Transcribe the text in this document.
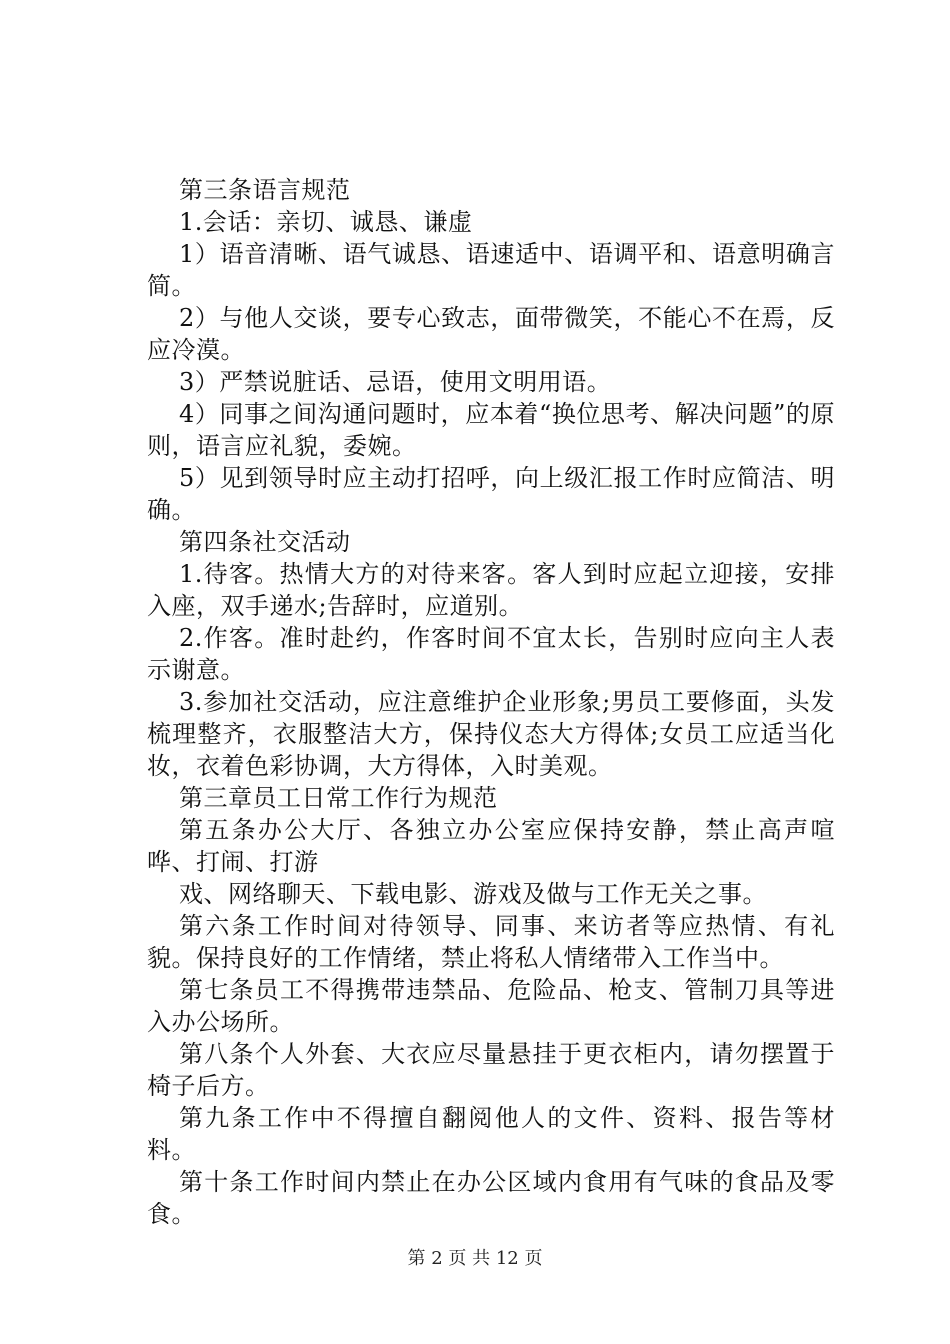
第三条语言规范

1.会话：亲切、诚恳、谦虚

1）语音清晰、语气诚恳、语速适中、语调平和、语意明确言简。

2）与他人交谈，要专心致志，面带微笑，不能心不在焉，反应冷漠。

3）严禁说脏话、忌语，使用文明用语。

4）同事之间沟通问题时，应本着“换位思考、解决问题”的原则，语言应礼貌，委婉。

5）见到领导时应主动打招呼，向上级汇报工作时应简洁、明确。

第四条社交活动

1.待客。热情大方的对待来客。客人到时应起立迎接，安排入座，双手递水;告辞时，应道别。

2.作客。准时赴约，作客时间不宜太长，告别时应向主人表示谢意。

3.参加社交活动，应注意维护企业形象;男员工要修面，头发梳理整齐，衣服整洁大方，保持仪态大方得体;女员工应适当化妆，衣着色彩协调，大方得体，入时美观。

第三章员工日常工作行为规范

第五条办公大厅、各独立办公室应保持安静，禁止高声喧哗、打闹、打游

戏、网络聊天、下载电影、游戏及做与工作无关之事。

第六条工作时间对待领导、同事、来访者等应热情、有礼貌。保持良好的工作情绪，禁止将私人情绪带入工作当中。

第七条员工不得携带违禁品、危险品、枪支、管制刀具等进入办公场所。

第八条个人外套、大衣应尽量悬挂于更衣柜内，请勿摆置于椅子后方。

第九条工作中不得擅自翻阅他人的文件、资料、报告等材料。

第十条工作时间内禁止在办公区域内食用有气味的食品及零食。

第 2 页 共 12 页
